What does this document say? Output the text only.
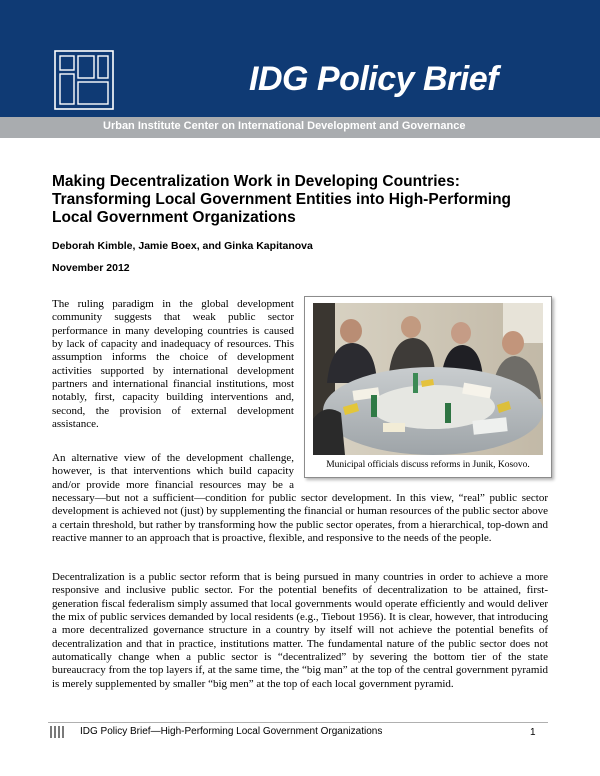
IDG Policy Brief
Urban Institute Center on International Development and Governance
Making Decentralization Work in Developing Countries:
Transforming Local Government Entities into High-Performing
Local Government Organizations
Deborah Kimble, Jamie Boex, and Ginka Kapitanova
November 2012

The ruling paradigm in the global development community suggests that weak public sector performance in many developing countries is caused by lack of capacity and inadequacy of resources. This assumption informs the choice of development activities supported by international development partners and international financial institutions, most notably, first, capacity building interventions and, second, the provision of external development assistance.

Municipal officials discuss reforms in Junik, Kosovo.

An alternative view of the development challenge, however, is that interventions which build capacity and/or provide more financial resources may be a necessary—but not a sufficient—condition for public sector development. In this view, “real” public sector development is achieved not (just) by supplementing the financial or human resources of the public sector above a certain threshold, but rather by transforming how the public sector operates, from a hierarchical, top-down and reactive manner to an approach that is proactive, flexible, and responsive to the needs of the people.

Decentralization is a public sector reform that is being pursued in many countries in order to achieve a more responsive and inclusive public sector. For the potential benefits of decentralization to be attained, first-generation fiscal federalism simply assumed that local governments would operate efficiently and would deliver the mix of public services demanded by local residents (e.g., Tiebout 1956). It is clear, however, that introducing a more decentralized governance structure in a country by itself will not achieve the potential benefits of decentralization and that in practice, institutions matter. The fundamental nature of the public sector does not automatically change when a public sector is “decentralized” by severing the bottom tier of the state bureaucracy from the top layers if, at the same time, the “big man” at the top of the central government pyramid is merely supplemented by smaller “big men” at the top of each local government pyramid.

IDG Policy Brief—High-Performing Local Government Organizations	1
